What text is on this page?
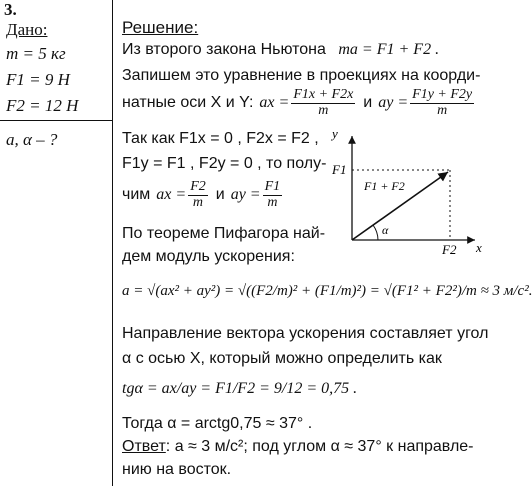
3.
Дано:
m = 5 кг
F1 = 9 Н
F2 = 12 Н
a, α – ?
Решение:
Из второго закона Ньютона ma = F1 + F2 .
Запишем это уравнение в проекциях на коорди-
натные оси X и Y: ax = $\frac{F1x + F2x}{m}$ и ay = $\frac{F1y + F2y}{m}$
Так как F1x = 0 , F2x = F2 ,
F1y = F1 , F2y = 0 , то полу-
чим ax = $\frac{F2}{m}$ и ay = $\frac{F1}{m}$
По теореме Пифагора най-
дем модуль ускорения:
a = √(ax² + ay²) = √((F2/m)² + (F1/m)²) = √(F1² + F2²)/m ≈ 3 м/с².
Направление вектора ускорения составляет угол
α с осью X, который можно определить как
tgα = ax/ay = F1/F2 = 9/12 = 0,75 .
Тогда α = arctg0,75 ≈ 37° .
Ответ: a ≈ 3 м/с²; под углом α ≈ 37° к направле-
нию на восток.
α
y
x
F1
F2
F1 + F2
